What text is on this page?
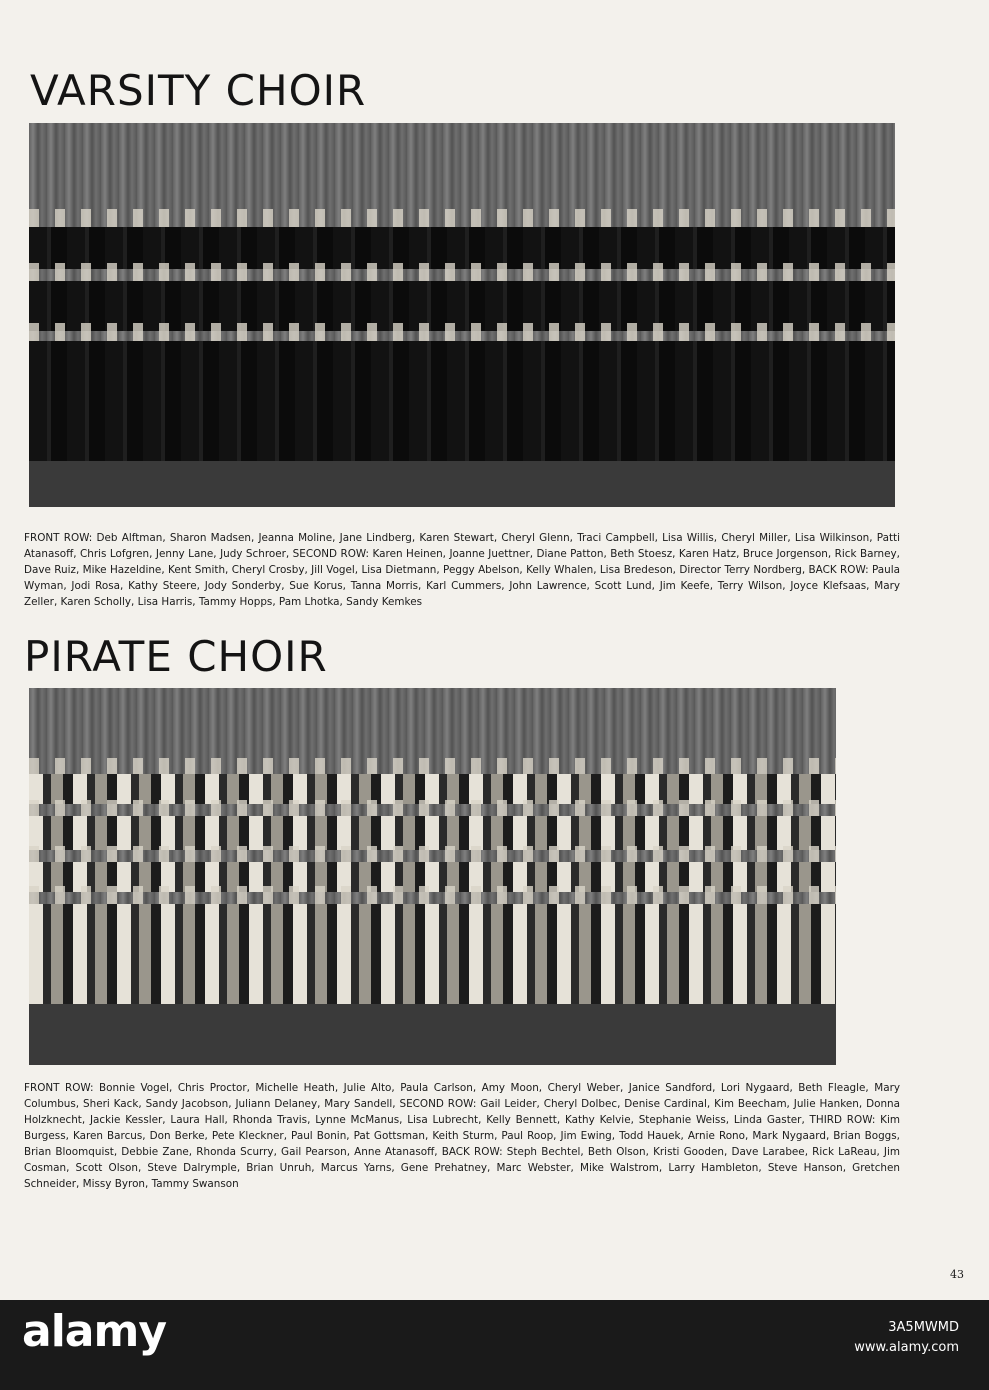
VARSITY CHOIR

FRONT ROW: Deb Alftman, Sharon Madsen, Jeanna Moline, Jane Lindberg, Karen Stewart, Cheryl Glenn, Traci Campbell, Lisa Willis, Cheryl Miller, Lisa Wilkinson, Patti Atanasoff, Chris Lofgren, Jenny Lane, Judy Schroer, SECOND ROW: Karen Heinen, Joanne Juettner, Diane Patton, Beth Stoesz, Karen Hatz, Bruce Jorgenson, Rick Barney, Dave Ruiz, Mike Hazeldine, Kent Smith, Cheryl Crosby, Jill Vogel, Lisa Dietmann, Peggy Abelson, Kelly Whalen, Lisa Bredeson, Director Terry Nordberg, BACK ROW: Paula Wyman, Jodi Rosa, Kathy Steere, Jody Sonderby, Sue Korus, Tanna Morris, Karl Cummers, John Lawrence, Scott Lund, Jim Keefe, Terry Wilson, Joyce Klefsaas, Mary Zeller, Karen Scholly, Lisa Harris, Tammy Hopps, Pam Lhotka, Sandy Kemkes

PIRATE CHOIR

FRONT ROW: Bonnie Vogel, Chris Proctor, Michelle Heath, Julie Alto, Paula Carlson, Amy Moon, Cheryl Weber, Janice Sandford, Lori Nygaard, Beth Fleagle, Mary Columbus, Sheri Kack, Sandy Jacobson, Juliann Delaney, Mary Sandell, SECOND ROW: Gail Leider, Cheryl Dolbec, Denise Cardinal, Kim Beecham, Julie Hanken, Donna Holzknecht, Jackie Kessler, Laura Hall, Rhonda Travis, Lynne McManus, Lisa Lubrecht, Kelly Bennett, Kathy Kelvie, Stephanie Weiss, Linda Gaster, THIRD ROW: Kim Burgess, Karen Barcus, Don Berke, Pete Kleckner, Paul Bonin, Pat Gottsman, Keith Sturm, Paul Roop, Jim Ewing, Todd Hauek, Arnie Rono, Mark Nygaard, Brian Boggs, Brian Bloomquist, Debbie Zane, Rhonda Scurry, Gail Pearson, Anne Atanasoff, BACK ROW: Steph Bechtel, Beth Olson, Kristi Gooden, Dave Larabee, Rick LaReau, Jim Cosman, Scott Olson, Steve Dalrymple, Brian Unruh, Marcus Yarns, Gene Prehatney, Marc Webster, Mike Walstrom, Larry Hambleton, Steve Hanson, Gretchen Schneider, Missy Byron, Tammy Swanson

43
alamy	3A5MWMD
www.alamy.com
